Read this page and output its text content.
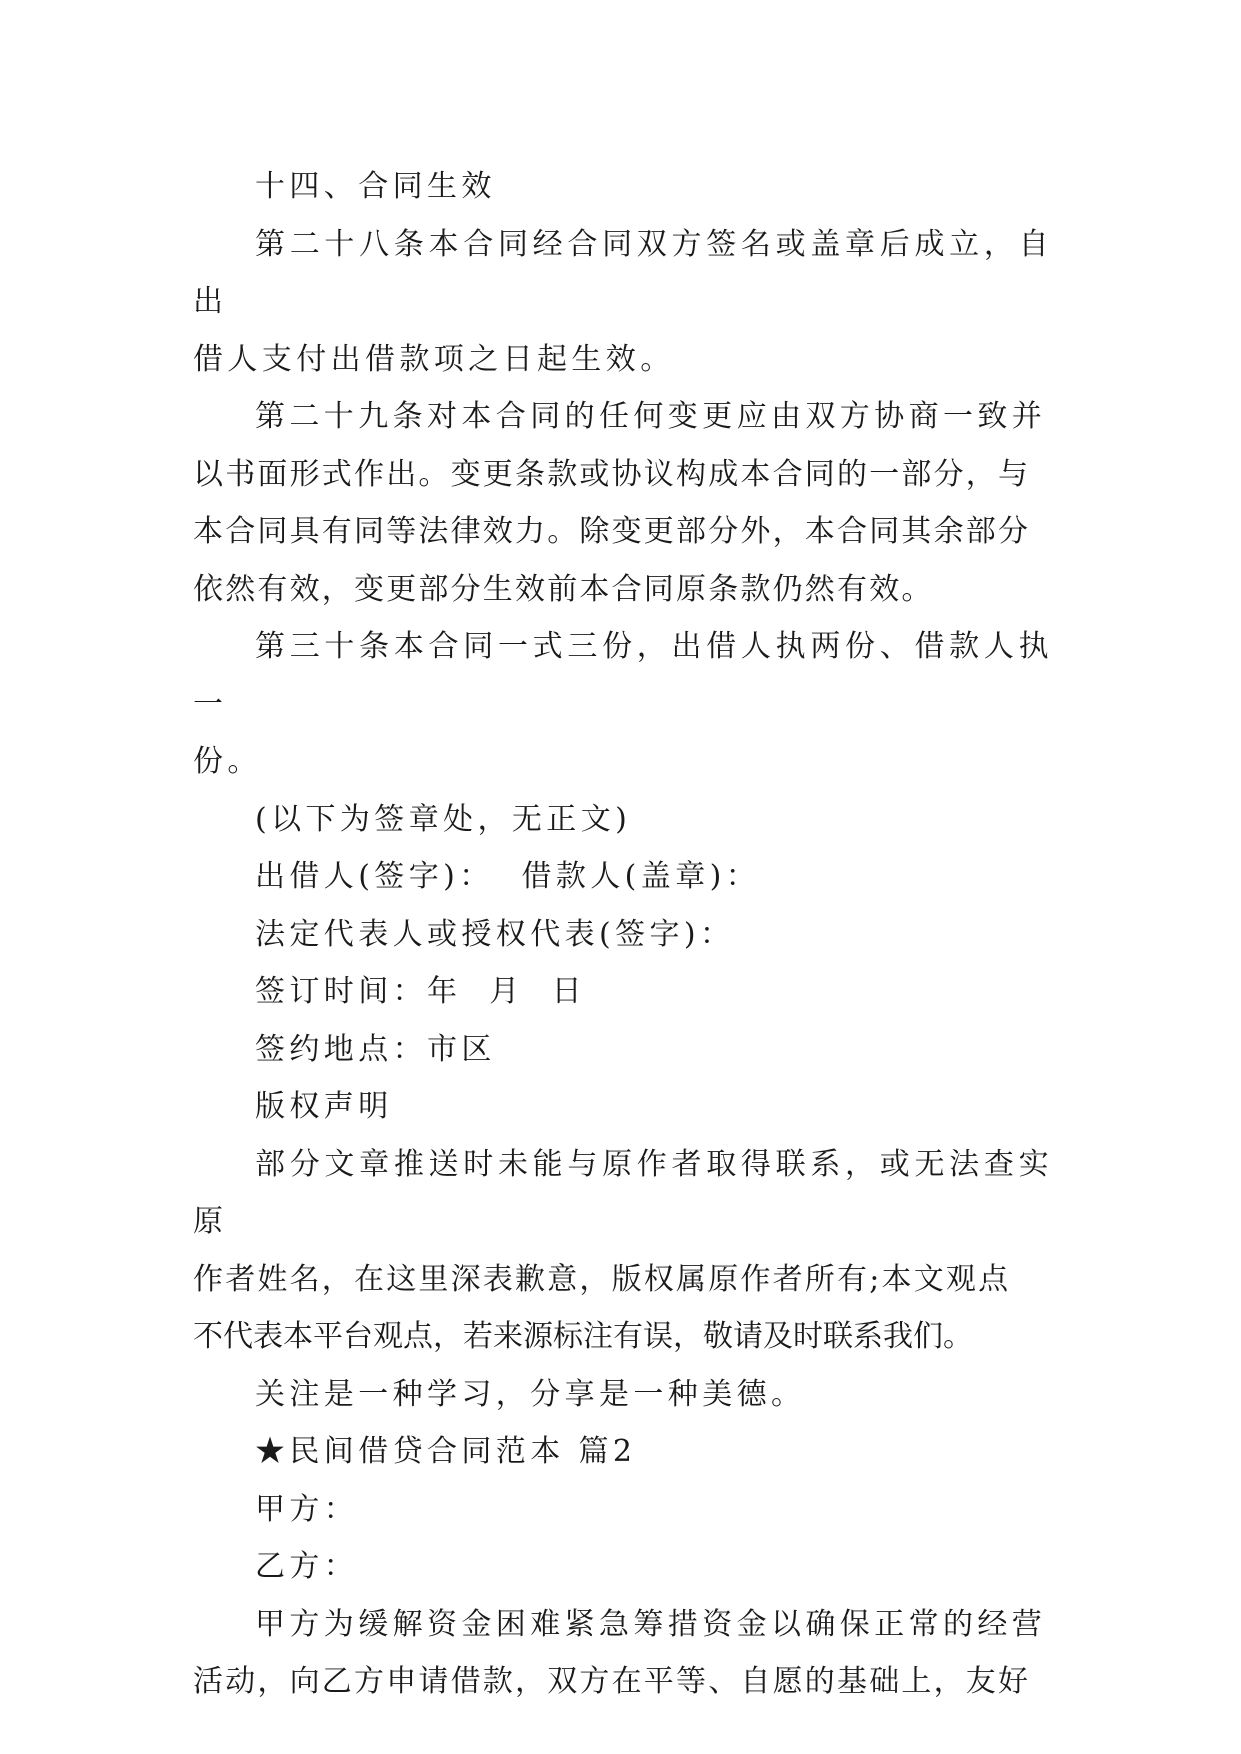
十四、合同生效

第二十八条本合同经合同双方签名或盖章后成立，自出

借人支付出借款项之日起生效。

第二十九条对本合同的任何变更应由双方协商一致并

以书面形式作出。变更条款或协议构成本合同的一部分，与

本合同具有同等法律效力。除变更部分外，本合同其余部分

依然有效，变更部分生效前本合同原条款仍然有效。

第三十条本合同一式三份，出借人执两份、借款人执一

份。

(以下为签章处，无正文)

出借人(签字)： 借款人(盖章)：

法定代表人或授权代表(签字)：

签订时间：年 月 日

签约地点：市区

版权声明

部分文章推送时未能与原作者取得联系，或无法查实原

作者姓名，在这里深表歉意，版权属原作者所有;本文观点

不代表本平台观点，若来源标注有误，敬请及时联系我们。

关注是一种学习，分享是一种美德。

★民间借贷合同范本 篇2

甲方：

乙方：

甲方为缓解资金困难紧急筹措资金以确保正常的经营

活动，向乙方申请借款，双方在平等、自愿的基础上，友好
